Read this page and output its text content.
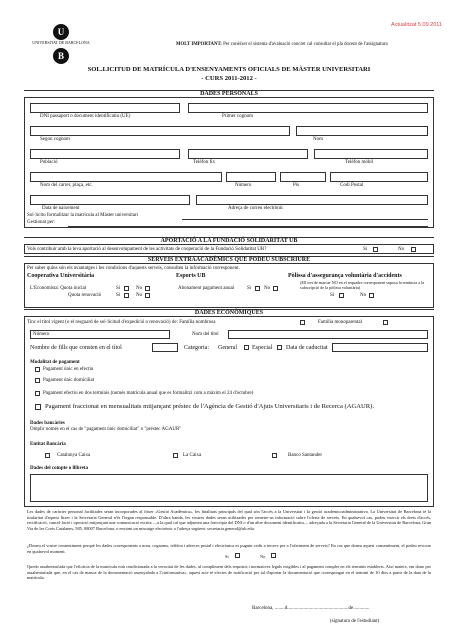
Actualitzat 5.09.2011
U
UNIVERSITAT DE BARCELONA
B
MOLT IMPORTANT: Per conèixer el sistema d'avaluació concret cal consultar el pla docent de l'assignatura
SOL.LICITUD DE MATRÍCULA D'ENSENYAMENTS OFICIALS DE MÀSTER UNIVERSITARI
- CURS 2011-2012 -
DADES PERSONALS
DNI passaport o document identificatiu (UE)	Primer cognom
Segon cognom	Nom
Població	Telèfon fix	Telèfon mòbil
Nom del carrer, plaça, etc.	Número	Pis	Codi Postal
Data de naixement	Adreça de correu electrònic
Sol·licito formalitzar la matrícula al Màster universitari
Gestionat per:
APORTACIÓ A LA FUNDACIÓ SOLIDARITAT UB
Vols contribuir amb la teva aportació al desenvolupament de les activitats de cooperació de la Fundació Solidaritat UB?	Si	No
SERVEIS EXTRAACADÈMICS QUE PODEU SUBSCRIURE
Per saber quins són els avantatges i les condicions d'aquests serveis, consulteu la informació corresponent.
Cooperativa Universitària	Esports UB	Pòlissa d'assegurança voluntària d'accidents
(Ell tret de marcar NO en el requadre corresponent suposa la renúncia a la subscripció de la pòlissa voluntària)
L'Economista: Quota inicial	Si	No	Abonament pagament anual	Si	No
Quota renovació	Si	No	Si	No
DADES ECONÒMIQUES
Tinc el títol vigent (o el resguard de sol·licitud d'expedició o renovació) de: Família nombrosa	Família monoparental
Número	Nom del títol
Nombre de fills que consten en el títol	Categoria: General	Especial Data de caducitat
Modalitat de pagament
Pagament únic en efectiu
Pagament únic domiciliat
Pagament efectiu en dos terminis (només matrícula anual que es formalitzi com a màxim el 24 d'octubre)
Pagament fraccionat en mensualitats mitjançant préstec de l'Agència de Gestió d'Ajuts Universitaris i de Recerca (AGAUR).
Dades bancàries
Omplir només en el cas de "pagament únic domiciliat" o "préstec AGAUR"
Entitat Bancària
Catalunya Caixa	La Caixa	Banco Santander
Dades del compte o llibreta
Les dades de caràcter personal facilitades seran incorporades al fitxer «Gestió Acadèmica», les finalitats principals del qual són l'accés a la Universitat i la gestió academicoadministrativa. La Universitat de Barcelona té la titularitat d'aquest fitxer i la Secretaria General n'és l'òrgan responsable. D'altra banda, les vostres dades seran utilitzades per remetre-us informació sobre l'oferta de serveis. En qualsevol cas, podeu exercir els drets d'accés, rectificació, cancel·lació i oposició mitjançant una comunicació escrita —a la qual cal que adjunteu una fotocòpia del DNI o d'un altre document identificatiu— adreçada a la Secretaria General de la Universitat de Barcelona, Gran Via de les Corts Catalanes, 585, 08007 Barcelona, o enviant un missatge electrònic a l'adreça següent: secretaria.general@ub.edu.
¿Doneu el vostre consentiment perquè les dades corresponents a nom, cognoms, telèfon i adreces postal i electrònica es puguin cedir a tercers per a l'oferiment de serveis? En cas que doneu aquest consentiment, el podeu revocar en qualsevol moment.
Si	No
Quedo assabentat/ada que l'eficàcia de la matrícula està condicionada a la veracitat de les dades, al compliment dels requisits i normatives legals exigibles i al pagament complet en els terminis establerts. Així mateix, em dono per assabentat/ada que, en el cas de manca de la documentació assenyalada a l'«informativa», aquest acte té efectes de notificació per tal d'aportar la documentació que correspongui en el termini de 10 dies a partir de la data de la matrícula.
Barcelona, ........d.................................................de.............
(signatura de l'estudiant)
